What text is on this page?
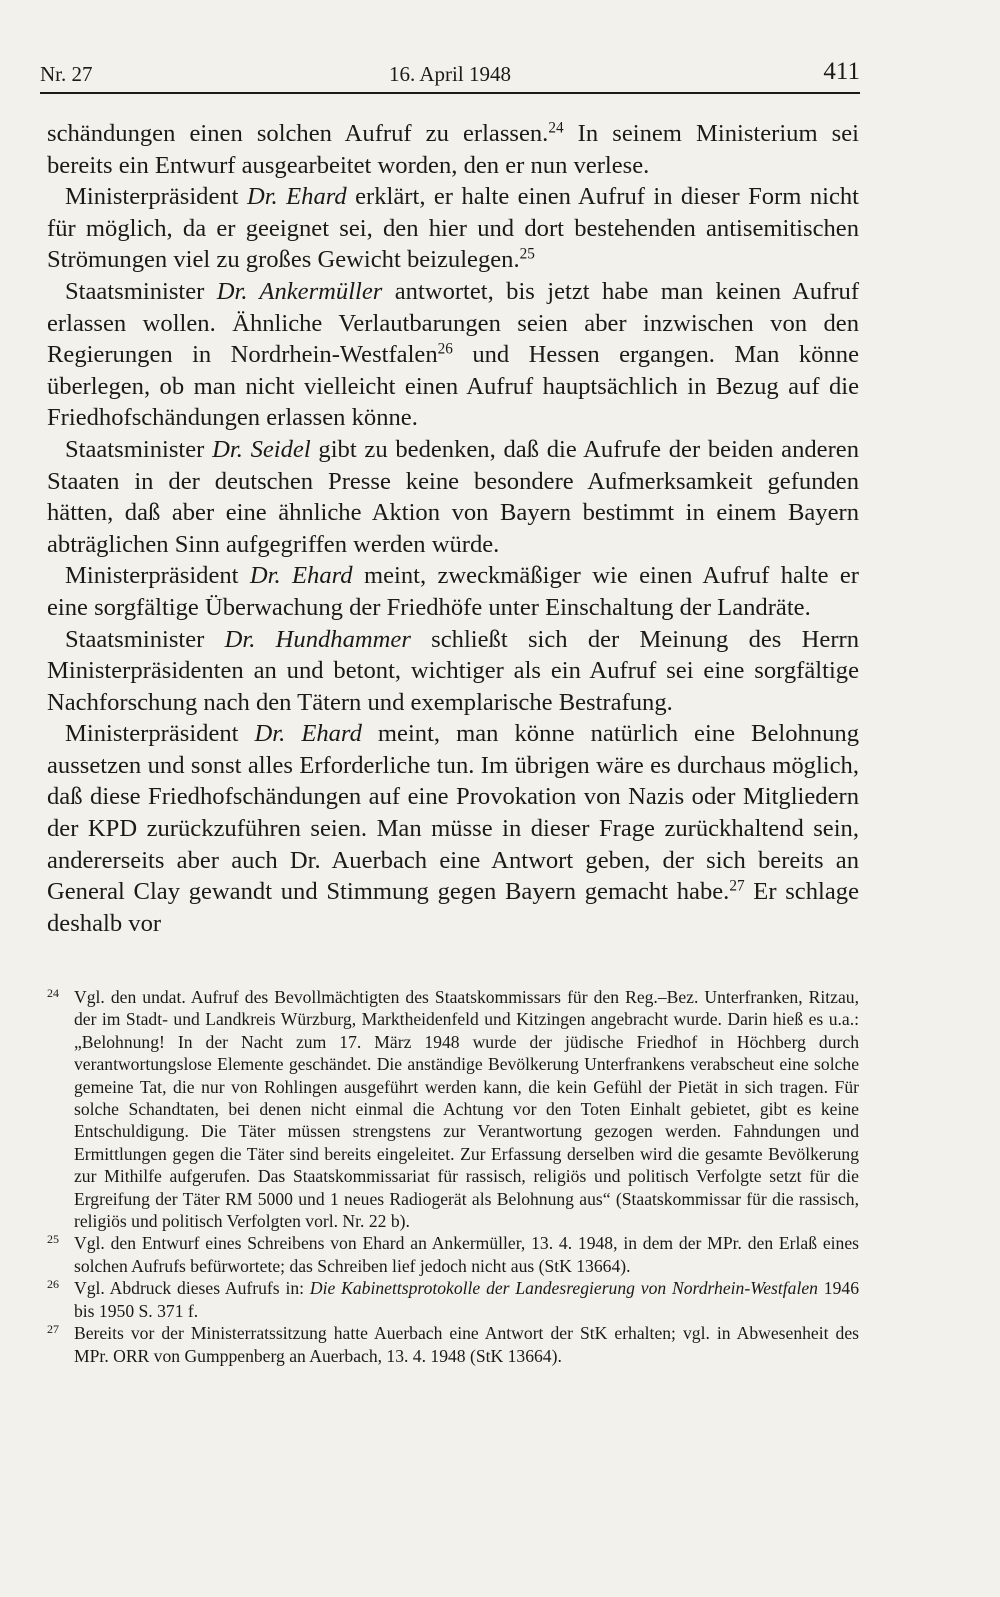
Nr. 27	16. April 1948	411

schändungen einen solchen Aufruf zu erlassen.$^{24}$ In seinem Ministerium sei bereits ein Entwurf ausgearbeitet worden, den er nun verlese.

Ministerpräsident Dr. Ehard erklärt, er halte einen Aufruf in dieser Form nicht für möglich, da er geeignet sei, den hier und dort bestehenden antisemitischen Strömungen viel zu großes Gewicht beizulegen.$^{25}$

Staatsminister Dr. Ankermüller antwortet, bis jetzt habe man keinen Aufruf erlassen wollen. Ähnliche Verlautbarungen seien aber inzwischen von den Regierungen in Nordrhein-Westfalen$^{26}$ und Hessen ergangen. Man könne überlegen, ob man nicht vielleicht einen Aufruf hauptsächlich in Bezug auf die Friedhofschändungen erlassen könne.

Staatsminister Dr. Seidel gibt zu bedenken, daß die Aufrufe der beiden anderen Staaten in der deutschen Presse keine besondere Aufmerksamkeit gefunden hätten, daß aber eine ähnliche Aktion von Bayern bestimmt in einem Bayern abträglichen Sinn aufgegriffen werden würde.

Ministerpräsident Dr. Ehard meint, zweckmäßiger wie einen Aufruf halte er eine sorgfältige Überwachung der Friedhöfe unter Einschaltung der Landräte.

Staatsminister Dr. Hundhammer schließt sich der Meinung des Herrn Ministerpräsidenten an und betont, wichtiger als ein Aufruf sei eine sorgfältige Nachforschung nach den Tätern und exemplarische Bestrafung.

Ministerpräsident Dr. Ehard meint, man könne natürlich eine Belohnung aussetzen und sonst alles Erforderliche tun. Im übrigen wäre es durchaus möglich, daß diese Friedhofschändungen auf eine Provokation von Nazis oder Mitgliedern der KPD zurückzuführen seien. Man müsse in dieser Frage zurückhaltend sein, andererseits aber auch Dr. Auerbach eine Antwort geben, der sich bereits an General Clay gewandt und Stimmung gegen Bayern gemacht habe.$^{27}$ Er schlage deshalb vor

24 Vgl. den undat. Aufruf des Bevollmächtigten des Staatskommissars für den Reg.–Bez. Unterfranken, Ritzau, der im Stadt- und Landkreis Würzburg, Marktheidenfeld und Kitzingen angebracht wurde. Darin hieß es u.a.: „Belohnung! In der Nacht zum 17. März 1948 wurde der jüdische Friedhof in Höchberg durch verantwortungslose Elemente geschändet. Die anständige Bevölkerung Unterfrankens verabscheut eine solche gemeine Tat, die nur von Rohlingen ausgeführt werden kann, die kein Gefühl der Pietät in sich tragen. Für solche Schandtaten, bei denen nicht einmal die Achtung vor den Toten Einhalt gebietet, gibt es keine Entschuldigung. Die Täter müssen strengstens zur Verantwortung gezogen werden. Fahndungen und Ermittlungen gegen die Täter sind bereits eingeleitet. Zur Erfassung derselben wird die gesamte Bevölkerung zur Mithilfe aufgerufen. Das Staatskommissariat für rassisch, religiös und politisch Verfolgte setzt für die Ergreifung der Täter RM 5000 und 1 neues Radiogerät als Belohnung aus“ (Staatskommissar für die rassisch, religiös und politisch Verfolgten vorl. Nr. 22 b).

25 Vgl. den Entwurf eines Schreibens von Ehard an Ankermüller, 13. 4. 1948, in dem der MPr. den Erlaß eines solchen Aufrufs befürwortete; das Schreiben lief jedoch nicht aus (StK 13664).

26 Vgl. Abdruck dieses Aufrufs in: Die Kabinettsprotokolle der Landesregierung von Nordrhein-Westfalen 1946 bis 1950 S. 371 f.

27 Bereits vor der Ministerratssitzung hatte Auerbach eine Antwort der StK erhalten; vgl. in Abwesenheit des MPr. ORR von Gumppenberg an Auerbach, 13. 4. 1948 (StK 13664).
